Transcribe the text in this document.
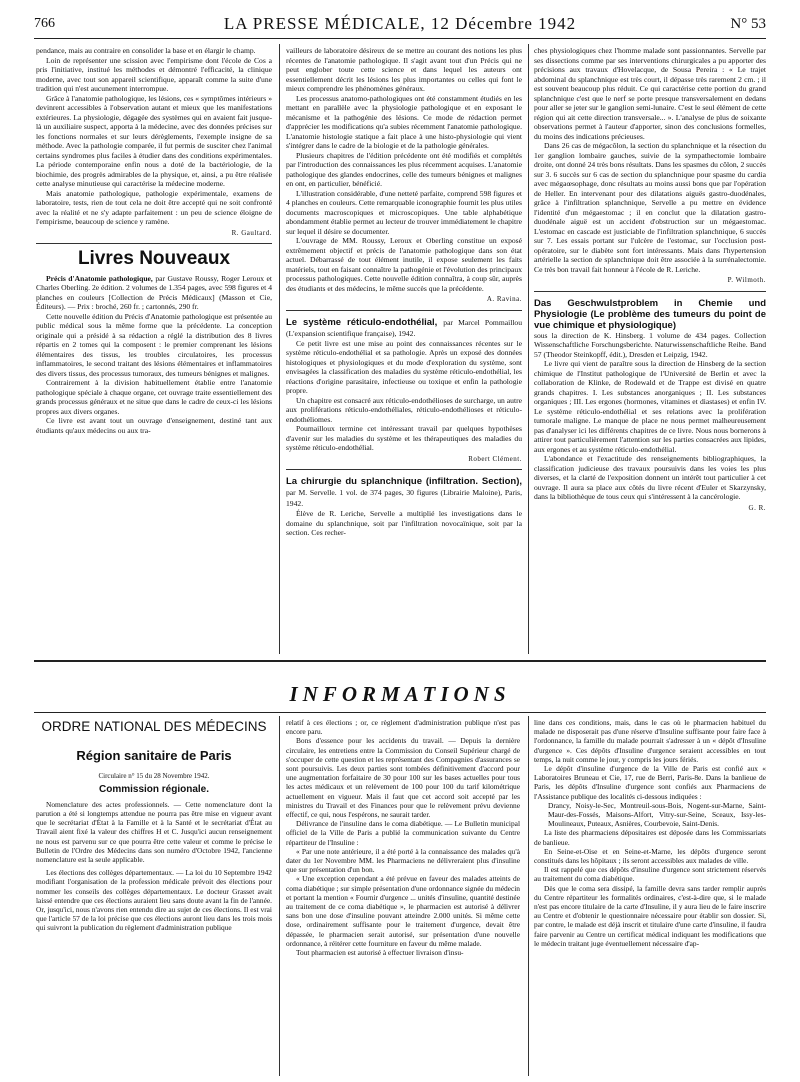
766	LA PRESSE MÉDICALE, 12 Décembre 1942	N° 53

pendance, mais au contraire en consolider la base et en élargir le champ.

Loin de représenter une scission avec l'empirisme dont l'école de Cos a pris l'initiative, institué les méthodes et démontré l'efficacité, la clinique moderne, avec tout son appareil scientifique, apparaît comme la suite d'une tradition qui n'est aucunement interrompue.

Grâce à l'anatomie pathologique, les lésions, ces « symptômes intérieurs » devinrent accessibles à l'observation autant et mieux que les manifestations extérieures. La physiologie, dégagée des systèmes qui en avaient fait jusque-là un auxiliaire suspect, apporta à la médecine, avec des données précises sur les fonctions normales et sur leurs dérèglements, l'exemple insigne de sa méthode. Avec la pathologie comparée, il fut permis de susciter chez l'animal certains syndromes plus faciles à étudier dans des conditions expérimentales. La période contemporaine enfin nous a doté de la bactériologie, de la biochimie, des progrès admirables de la physique, et, ainsi, a pu être réalisée cette analyse minutieuse qui caractérise la médecine moderne.

Mais anatomie pathologique, pathologie expérimentale, examens de laboratoire, tests, rien de tout cela ne doit être accepté qui ne soit confronté avec la réalité et ne s'y adapte parfaitement : un peu de science éloigne de l'empirisme, beaucoup de science y ramène.

R. Gaultard.
Livres Nouveaux

Précis d'Anatomie pathologique, par Gustave Roussy, Roger Leroux et Charles Oberling. 2e édition. 2 volumes de 1.354 pages, avec 598 figures et 4 planches en couleurs [Collection de Précis Médicaux] (Masson et Cie, Éditeurs). — Prix : broché, 260 fr. ; cartonnés, 290 fr.

Cette nouvelle édition du Précis d'Anatomie pathologique est présentée au public médical sous la même forme que la précédente. La conception originale qui a présidé à sa rédaction a réglé la distribution des 8 livres répartis en 2 tomes qui la composent : le premier comprenant les lésions élémentaires des tissus, les troubles circulatoires, les processus inflammatoires, le second traitant des lésions élémentaires et inflammatoires des divers tissus, des processus tumoraux, des tumeurs bénignes et malignes.

Contrairement à la division habituellement établie entre l'anatomie pathologique spéciale à chaque organe, cet ouvrage traite essentiellement des grands processus généraux et ne situe que dans le cadre de ceux-ci les lésions propres aux divers organes.

Ce livre est avant tout un ouvrage d'enseignement, destiné tant aux étudiants qu'aux médecins ou aux tra-

vailleurs de laboratoire désireux de se mettre au courant des notions les plus récentes de l'anatomie pathologique. Il s'agit avant tout d'un Précis qui ne peut englober toute cette science et dans lequel les auteurs ont essentiellement décrit les lésions les plus importantes ou celles qui font le mieux comprendre les phénomènes généraux.

Les processus anatomo-pathologiques ont été constamment étudiés en les mettant en parallèle avec la physiologie pathologique et en exposant le mécanisme et la pathogénie des lésions. Ce mode de rédaction permet d'apprécier les modifications qu'a subies récemment l'anatomie pathologique. L'anatomie histologie statique a fait place à une histo-physiologie qui vient s'intégrer dans le cadre de la biologie et de la pathologie générales.

Plusieurs chapitres de l'édition précédente ont été modifiés et complétés par l'introduction des connaissances les plus récemment acquises. L'anatomie pathologique des glandes endocrines, celle des tumeurs bénignes et malignes en ont, en particulier, bénéficié.

L'illustration considérable, d'une netteté parfaite, comprend 598 figures et 4 planches en couleurs. Cette remarquable iconographie fournit les plus utiles documents macroscopiques et microscopiques. Une table alphabétique abondamment établie permet au lecteur de trouver immédiatement le chapitre sur lequel il désire se documenter.

L'ouvrage de MM. Roussy, Leroux et Oberling constitue un exposé extrêmement objectif et précis de l'anatomie pathologique dans son état actuel. Débarrassé de tout élément inutile, il expose seulement les faits matériels, tout en faisant connaître la pathogénie et l'évolution des principaux processus pathologiques. Cette nouvelle édition connaîtra, à coup sûr, auprès des étudiants et des médecins, le même succès que la précédente.

A. Ravina.

Le système réticulo-endothélial, par Marcel Pommaillou (L'expansion scientifique française), 1942.

Ce petit livre est une mise au point des connaissances récentes sur le système réticulo-endothélial et sa pathologie. Après un exposé des données histologiques et physiologiques et du mode d'exploration du système, sont envisagées la classification des maladies du système réticulo-endothélial, les réactions d'origine parasitaire, infectieuse ou toxique et enfin la pathologie propre.

Un chapitre est consacré aux réticulo-endothélioses de surcharge, un autre aux proliférations réticulo-endothéliales, réticulo-endothélioses et réticulo-endothéliomes.

Poumailloux termine cet intéressant travail par quelques hypothèses d'avenir sur les maladies du système et les thérapeutiques des maladies du système réticulo-endothélial.

Robert Clément.

La chirurgie du splanchnique (infiltration. Section), par M. Servelle. 1 vol. de 374 pages, 30 figures (Librairie Maloine), Paris, 1942.

Élève de R. Leriche, Servelle a multiplié les investigations dans le domaine du splanchnique, soit par l'infiltration novocaïnique, soit par la section. Ces recher-

ches physiologiques chez l'homme malade sont passionnantes. Servelle par ses dissections comme par ses interventions chirurgicales a pu apporter des précisions aux travaux d'Hovelacque, de Sousa Pereira : « Le trajet abdominal du splanchnique est très court, il dépasse très rarement 2 cm. ; il est souvent beaucoup plus réduit. Ce qui caractérise cette portion du grand splanchnique c'est que le nerf se porte presque transversalement en dedans pour aller se jeter sur le ganglion semi-lunaire. C'est le seul élément de cette région qui ait cette direction transversale... ». L'analyse de plus de soixante observations permet à l'auteur d'apporter, sinon des conclusions formelles, du moins des indications précieuses.

Dans 26 cas de mégacôlon, la section du splanchnique et la résection du 1er ganglion lombaire gauches, suivie de la sympathectomie lombaire droite, ont donné 24 très bons résultats. Dans les spasmes du côlon, 2 succès sur 3. 6 succès sur 6 cas de section du splanchnique pour spasme du cardia avec mégaœsophage, donc résultats au moins aussi bons que par l'opération de Heller. En intervenant pour des dilatations aiguës gastro-duodénales, grâce à l'infiltration splanchnique, Servelle a pu mettre en évidence l'identité d'un mégaestomac ; il en conclut que la dilatation gastro-duodénale aiguë est un accident d'obstruction sur un mégaestomac. L'estomac en cascade est justiciable de l'infiltration splanchnique, 6 succès sur 7. Les essais portant sur l'ulcère de l'estomac, sur l'occlusion post-opératoire, sur le diabète sont fort intéressants. Mais dans l'hypertension artérielle la section de splanchnique doit être associée à la surrénalectomie. Ce très bon travail fait honneur à l'école de R. Leriche.

P. Wilmoth.

Das Geschwulstproblem in Chemie und Physiologie (Le problème des tumeurs du point de vue chimique et physiologique)

sous la direction de K. Hinsberg. 1 volume de 434 pages. Collection Wissenschaftliche Forschungsberichte. Naturwissenschaftliche Reihe. Band 57 (Theodor Steinkopff, édit.), Dresden et Leipzig, 1942.

Le livre qui vient de paraître sous la direction de Hinsberg de la section chimique de l'Institut pathologique de l'Université de Berlin et avec la collaboration de Klinke, de Rodewald et de Trappe est divisé en quatre grands chapitres. I. Les substances anorganiques ; II. Les substances organiques ; III. Les ergones (hormones, vitamines et diastases) et enfin IV. Le système réticulo-endothélial et ses relations avec la prolifération tumorale maligne. Le manque de place ne nous permet malheureusement pas d'analyser ici les différents chapitres de ce livre. Nous nous bornerons à attirer tout particulièrement l'attention sur les parties consacrées aux lipides, aux ergones et au système réticulo-endothélial.

L'abondance et l'exactitude des renseignements bibliographiques, la classification judicieuse des travaux poursuivis dans les voies les plus diverses, et la clarté de l'exposition donnent un intérêt tout particulier à cet ouvrage. Il aura sa place aux côtés du livre récent d'Euler et Skarzynsky, dans la bibliothèque de tous ceux qui s'intéressent à la cancérologie.

G. R.
INFORMATIONS
ORDRE NATIONAL DES MÉDECINS
Région sanitaire de Paris
Circulaire n° 15 du 28 Novembre 1942.
Commission régionale.

Nomenclature des actes professionnels. — Cette nomenclature dont la parution a été si longtemps attendue ne pourra pas être mise en vigueur avant que le secrétariat d'État à la Famille et à la Santé et le secrétariat d'État au Travail aient fixé la valeur des chiffres H et C. Jusqu'ici aucun renseignement ne nous est parvenu sur ce que pourra être cette valeur et comme le précise le Bulletin de l'Ordre des Médecins dans son numéro d'Octobre 1942, l'ancienne nomenclature est la seule applicable.

Les élections des collèges départementaux. — La loi du 10 Septembre 1942 modifiant l'organisation de la profession médicale prévoit des élections pour nommer les conseils des collèges départementaux. Le docteur Grasset avait laissé entendre que ces élections auraient lieu sans doute avant la fin de l'année. Or, jusqu'ici, nous n'avons rien entendu dire au sujet de ces élections. Il est vrai que l'article 57 de la loi précise que ces élections auront lieu dans les trois mois qui suivront la publication du règlement d'administration publique

relatif à ces élections ; or, ce règlement d'administration publique n'est pas encore paru.

Bons d'essence pour les accidents du travail. — Depuis la dernière circulaire, les entretiens entre la Commission du Conseil Supérieur chargé de s'occuper de cette question et les représentant des Compagnies d'assurances se sont poursuivis. Les deux parties sont tombées définitivement d'accord pour une augmentation forfaitaire de 30 pour 100 sur les bases actuelles pour tous les actes médicaux et un relèvement de 100 pour 100 du tarif kilométrique actuellement en vigueur. Mais il faut que cet accord soit accepté par les ministres du Travail et des Finances pour que le relèvement prévu devienne effectif, ce qui, nous l'espérons, ne saurait tarder.

Délivrance de l'insuline dans le coma diabétique. — Le Bulletin municipal officiel de la Ville de Paris a publié la communication suivante du Centre répartiteur de l'Insuline :

« Par une note antérieure, il a été porté à la connaissance des malades qu'à dater du 1er Novembre MM. les Pharmaciens ne délivreraient plus d'insuline que sur présentation d'un bon.

« Une exception cependant a été prévue en faveur des malades atteints de coma diabétique ; sur simple présentation d'une ordonnance signée du médecin et portant la mention « Fournir d'urgence ... unités d'insuline, quantité destinée au traitement de ce coma diabétique », le pharmacien est autorisé à délivrer sans bon une dose d'insuline pouvant atteindre 2.000 unités. Si même cette dose, ordinairement suffisante pour le traitement d'urgence, devait être dépassée, le pharmacien serait autorisé, sur présentation d'une nouvelle ordonnance, à réitérer cette fourniture en faveur du même malade.

Tout pharmacien est autorisé à effectuer livraison d'insu-

line dans ces conditions, mais, dans le cas où le pharmacien habituel du malade ne disposerait pas d'une réserve d'Insuline suffisante pour faire face à l'ordonnance, la famille du malade pourrait s'adresser à un « dépôt d'Insuline d'urgence ». Ces dépôts d'Insuline d'urgence seraient accessibles en tout temps, la nuit comme le jour, y compris les jours fériés.

Le dépôt d'insuline d'urgence de la Ville de Paris est confié aux « Laboratoires Bruneau et Cie, 17, rue de Berri, Paris-8e. Dans la banlieue de Paris, les dépôts d'Insuline d'urgence sont confiés aux Pharmaciens de l'Assistance publique des localités ci-dessous indiquées :

Drancy, Noisy-le-Sec, Montreuil-sous-Bois, Nogent-sur-Marne, Saint-Maur-des-Fossés, Maisons-Alfort, Vitry-sur-Seine, Sceaux, Issy-les-Moulineaux, Puteaux, Asnières, Courbevoie, Saint-Denis.

La liste des pharmaciens dépositaires est déposée dans les Commissariats de banlieue.

En Seine-et-Oise et en Seine-et-Marne, les dépôts d'urgence seront constitués dans les hôpitaux ; ils seront accessibles aux malades de ville.

Il est rappelé que ces dépôts d'insuline d'urgence sont strictement réservés au traitement du coma diabétique.

Dès que le coma sera dissipé, la famille devra sans tarder remplir auprès du Centre répartiteur les formalités ordinaires, c'est-à-dire que, si le malade n'est pas encore titulaire de la carte d'Insuline, il y aura lieu de le faire inscrire au Centre et d'obtenir le questionnaire nécessaire pour établir son dossier. Si, par contre, le malade est déjà inscrit et titulaire d'une carte d'insuline, il faudra faire parvenir au Centre un certificat médical indiquant les modifications que le médecin traitant juge éventuellement nécessaire d'ap-
